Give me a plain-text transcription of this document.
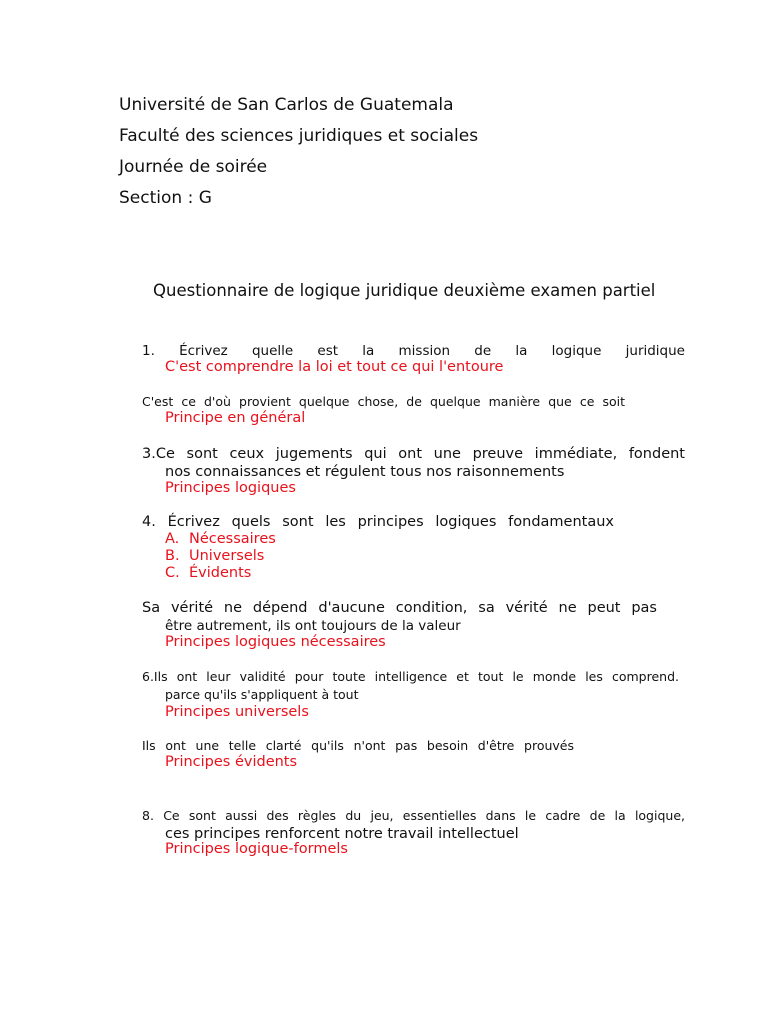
Université de San Carlos de Guatemala
Faculté des sciences juridiques et sociales
Journée de soirée
Section : G
Questionnaire de logique juridique deuxième examen partiel
1. Écrivez quelle est la mission de la logique juridique
C'est comprendre la loi et tout ce qui l'entoure
C'est ce d'où provient quelque chose, de quelque manière que ce soit
Principe en général
3.Ce sont ceux jugements qui ont une preuve immédiate, fondent
nos connaissances et régulent tous nos raisonnements
Principes logiques
4. Écrivez quels sont les principes logiques fondamentaux
A. Nécessaires
B. Universels
C. Évidents
Sa vérité ne dépend d'aucune condition, sa vérité ne peut pas
être autrement, ils ont toujours de la valeur
Principes logiques nécessaires
6.Ils ont leur validité pour toute intelligence et tout le monde les comprend.
parce qu'ils s'appliquent à tout
Principes universels
Ils ont une telle clarté qu'ils n'ont pas besoin d'être prouvés
Principes évidents
8. Ce sont aussi des règles du jeu, essentielles dans le cadre de la logique,
ces principes renforcent notre travail intellectuel
Principes logique-formels
